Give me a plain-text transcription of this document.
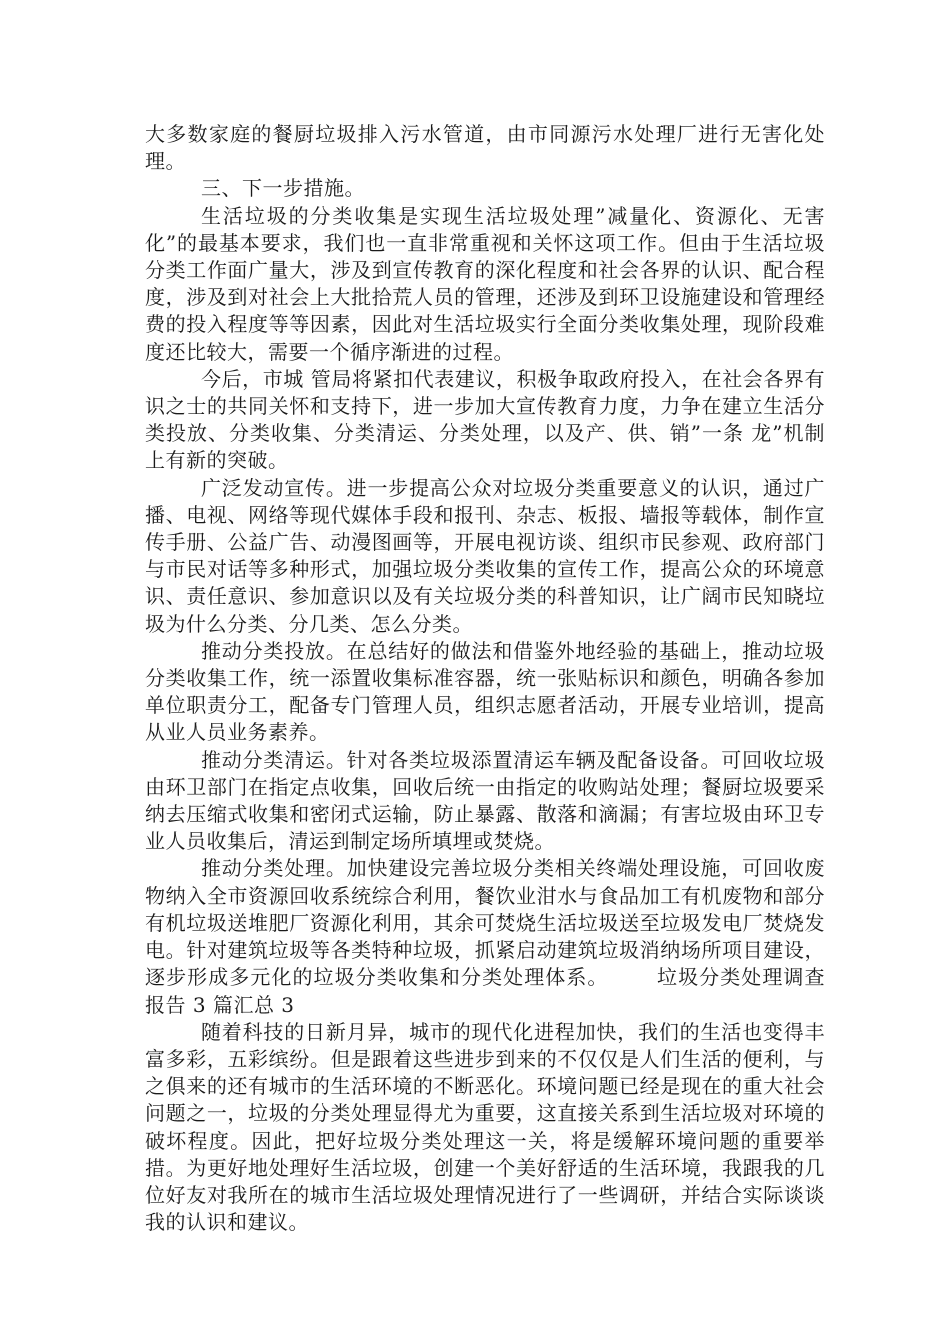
大多数家庭的餐厨垃圾排入污水管道，由市同源污水处理厂进行无害化处理。

三、下一步措施。

生活垃圾的分类收集是实现生活垃圾处理”减量化、资源化、无害化”的最基本要求，我们也一直非常重视和关怀这项工作。但由于生活垃圾分类工作面广量大，涉及到宣传教育的深化程度和社会各界的认识、配合程度，涉及到对社会上大批拾荒人员的管理，还涉及到环卫设施建设和管理经费的投入程度等等因素，因此对生活垃圾实行全面分类收集处理，现阶段难度还比较大，需要一个循序渐进的过程。

今后，市城 管局将紧扣代表建议，积极争取政府投入，在社会各界有识之士的共同关怀和支持下，进一步加大宣传教育力度，力争在建立生活分类投放、分类收集、分类清运、分类处理，以及产、供、销”一条 龙”机制上有新的突破。

广泛发动宣传。进一步提高公众对垃圾分类重要意义的认识，通过广播、电视、网络等现代媒体手段和报刊、杂志、板报、墙报等载体，制作宣传手册、公益广告、动漫图画等，开展电视访谈、组织市民参观、政府部门与市民对话等多种形式，加强垃圾分类收集的宣传工作，提高公众的环境意识、责任意识、参加意识以及有关垃圾分类的科普知识，让广阔市民知晓垃圾为什么分类、分几类、怎么分类。

推动分类投放。在总结好的做法和借鉴外地经验的基础上，推动垃圾分类收集工作，统一添置收集标准容器，统一张贴标识和颜色，明确各参加单位职责分工，配备专门管理人员，组织志愿者活动，开展专业培训，提高从业人员业务素养。

推动分类清运。针对各类垃圾添置清运车辆及配备设备。可回收垃圾由环卫部门在指定点收集，回收后统一由指定的收购站处理；餐厨垃圾要采纳去压缩式收集和密闭式运输，防止暴露、散落和滴漏；有害垃圾由环卫专业人员收集后，清运到制定场所填埋或焚烧。

推动分类处理。加快建设完善垃圾分类相关终端处理设施，可回收废物纳入全市资源回收系统综合利用，餐饮业泔水与食品加工有机废物和部分有机垃圾送堆肥厂资源化利用，其余可焚烧生活垃圾送至垃圾发电厂焚烧发电。针对建筑垃圾等各类特种垃圾，抓紧启动建筑垃圾消纳场所项目建设，逐步形成多元化的垃圾分类收集和分类处理体系。 垃圾分类处理调查报告 3 篇汇总 3

随着科技的日新月异，城市的现代化进程加快，我们的生活也变得丰富多彩，五彩缤纷。但是跟着这些进步到来的不仅仅是人们生活的便利，与之俱来的还有城市的生活环境的不断恶化。环境问题已经是现在的重大社会问题之一，垃圾的分类处理显得尤为重要，这直接关系到生活垃圾对环境的破坏程度。因此，把好垃圾分类处理这一关，将是缓解环境问题的重要举措。为更好地处理好生活垃圾，创建一个美好舒适的生活环境，我跟我的几位好友对我所在的城市生活垃圾处理情况进行了一些调研，并结合实际谈谈我的认识和建议。
